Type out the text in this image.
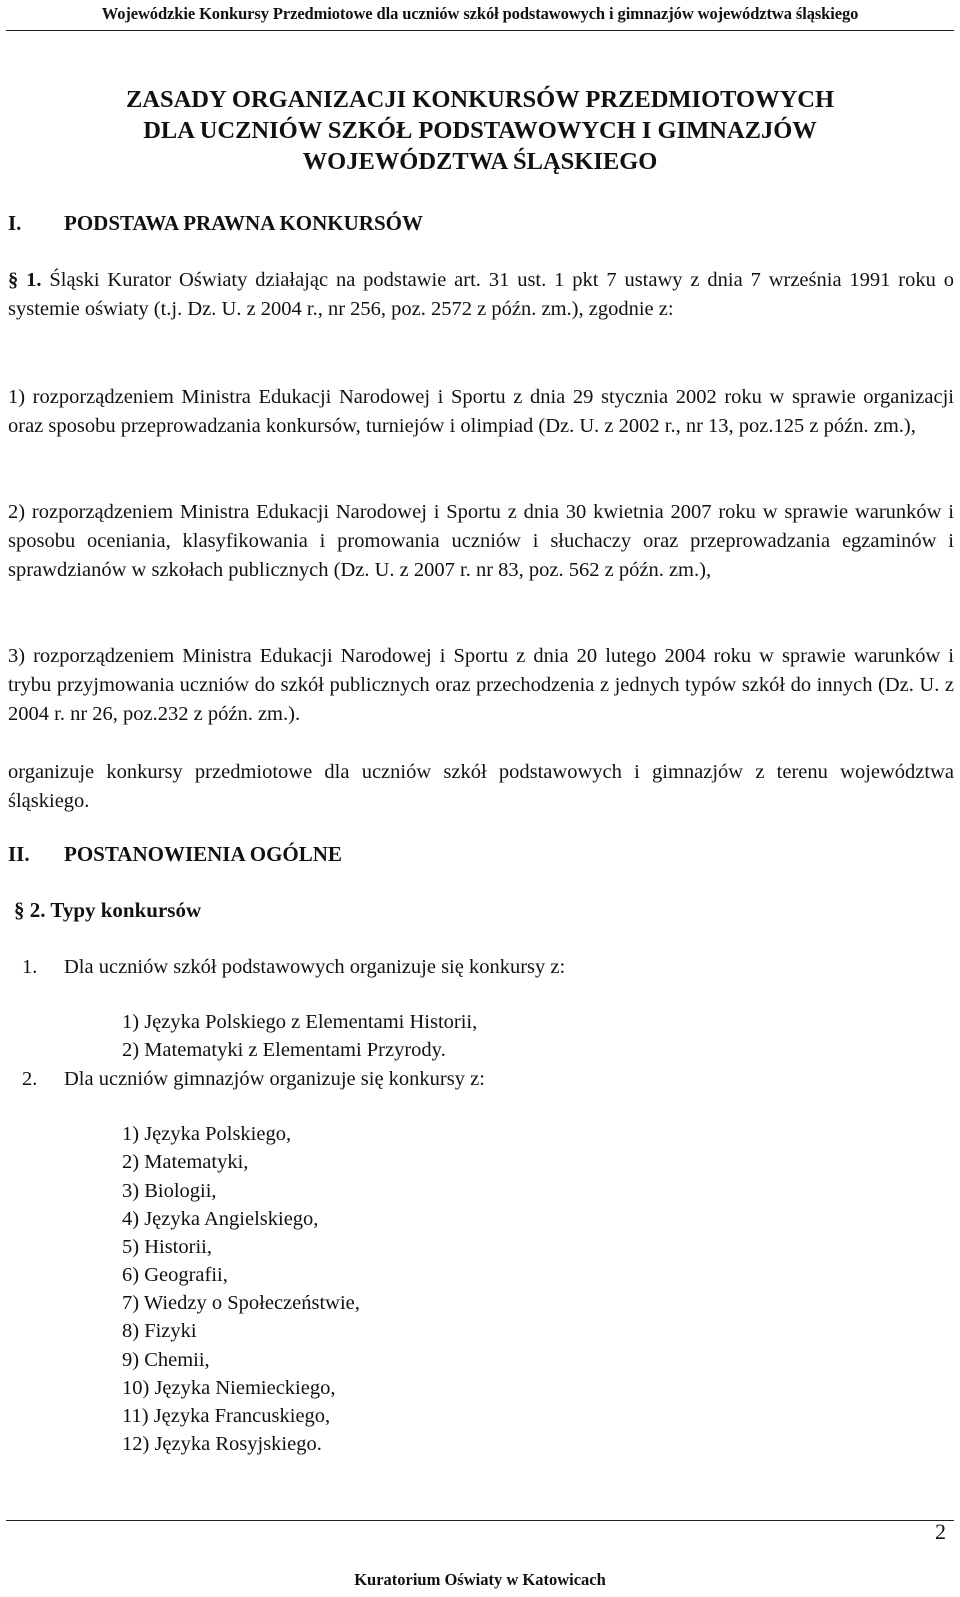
Wojewódzkie Konkursy Przedmiotowe dla uczniów szkół podstawowych i gimnazjów województwa śląskiego
ZASADY ORGANIZACJI KONKURSÓW PRZEDMIOTOWYCH
DLA UCZNIÓW SZKÓŁ PODSTAWOWYCH I GIMNAZJÓW
WOJEWÓDZTWA ŚLĄSKIEGO
I. PODSTAWA PRAWNA KONKURSÓW
§ 1. Śląski Kurator Oświaty działając na podstawie art. 31 ust. 1 pkt 7 ustawy z dnia 7 września 1991 roku o systemie oświaty (t.j. Dz. U. z 2004 r., nr 256, poz. 2572 z późn. zm.), zgodnie z:
1) rozporządzeniem Ministra Edukacji Narodowej i Sportu z dnia 29 stycznia 2002 roku w sprawie organizacji oraz sposobu przeprowadzania konkursów, turniejów i olimpiad (Dz. U. z 2002 r., nr 13, poz.125 z późn. zm.),
2) rozporządzeniem Ministra Edukacji Narodowej i Sportu z dnia 30 kwietnia 2007 roku w sprawie warunków i sposobu oceniania, klasyfikowania i promowania uczniów i słuchaczy oraz przeprowadzania egzaminów i sprawdzianów w szkołach publicznych (Dz. U. z 2007 r. nr 83, poz. 562 z późn. zm.),
3) rozporządzeniem Ministra Edukacji Narodowej i Sportu z dnia 20 lutego 2004 roku w sprawie warunków i trybu przyjmowania uczniów do szkół publicznych oraz przechodzenia z jednych typów szkół do innych (Dz. U. z 2004 r. nr 26, poz.232 z późn. zm.).
organizuje konkursy przedmiotowe dla uczniów szkół podstawowych i gimnazjów z terenu województwa śląskiego.
II. POSTANOWIENIA OGÓLNE
§ 2. Typy konkursów
1. Dla uczniów szkół podstawowych organizuje się konkursy z:
1) Języka Polskiego z Elementami Historii,
2) Matematyki z Elementami Przyrody.
2. Dla uczniów gimnazjów organizuje się konkursy z:
1) Języka Polskiego,
2) Matematyki,
3) Biologii,
4) Języka Angielskiego,
5) Historii,
6) Geografii,
7) Wiedzy o Społeczeństwie,
8) Fizyki
9) Chemii,
10) Języka Niemieckiego,
11) Języka Francuskiego,
12) Języka Rosyjskiego.
2
Kuratorium Oświaty w Katowicach
